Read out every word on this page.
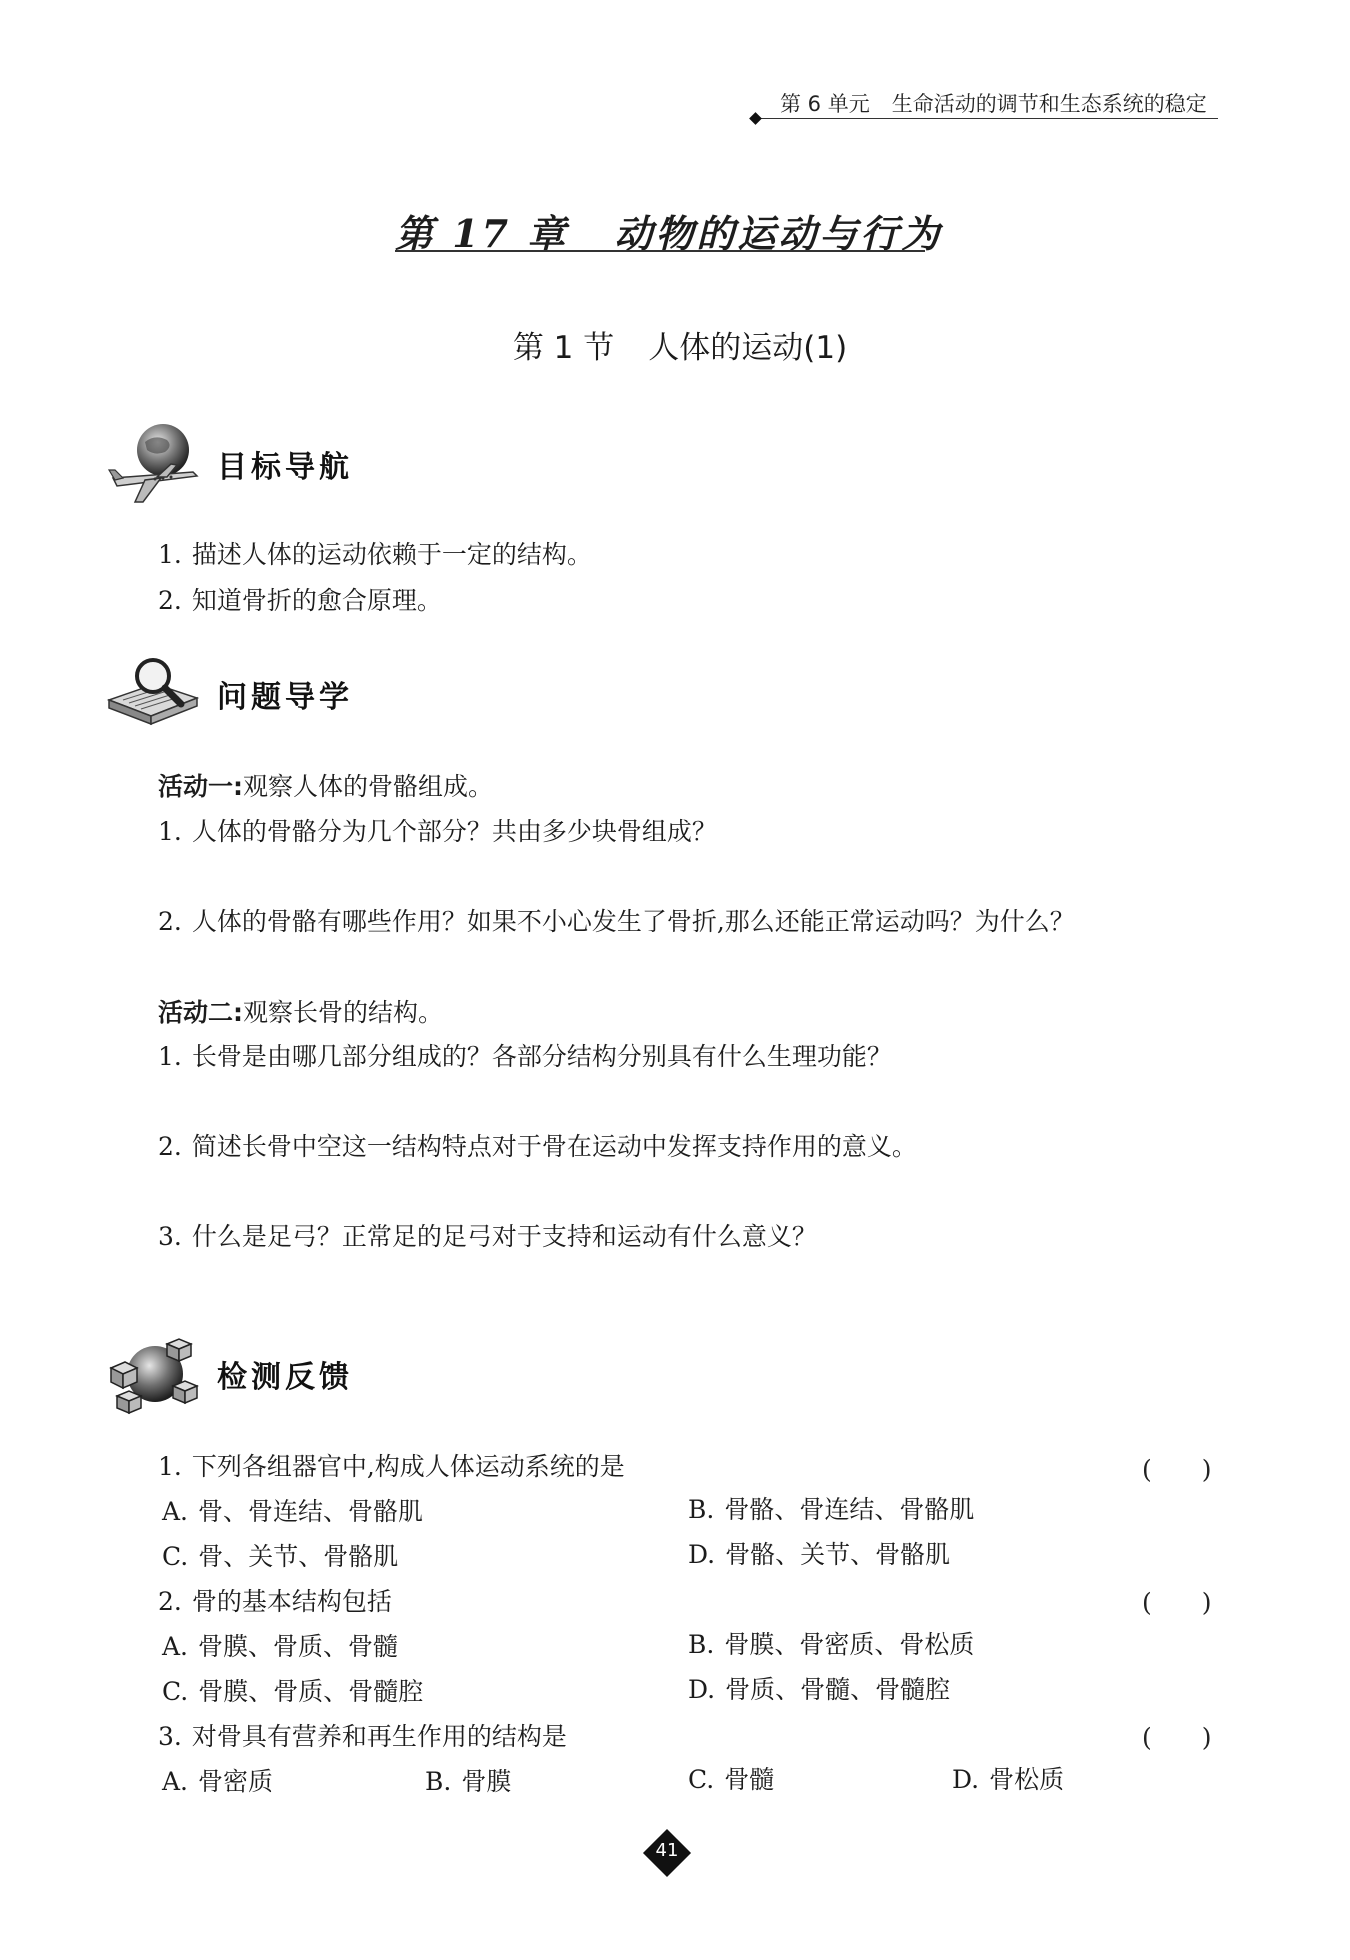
第 6 单元 生命活动的调节和生态系统的稳定
第 17 章 动物的运动与行为
第 1 节 人体的运动(1)
目标导航
1. 描述人体的运动依赖于一定的结构。
2. 知道骨折的愈合原理。
问题导学
活动一:观察人体的骨骼组成。
1. 人体的骨骼分为几个部分？共由多少块骨组成？
2. 人体的骨骼有哪些作用？如果不小心发生了骨折,那么还能正常运动吗？为什么？
活动二:观察长骨的结构。
1. 长骨是由哪几部分组成的？各部分结构分别具有什么生理功能？
2. 简述长骨中空这一结构特点对于骨在运动中发挥支持作用的意义。
3. 什么是足弓？正常足的足弓对于支持和运动有什么意义？
检测反馈
1. 下列各组器官中,构成人体运动系统的是	(　　)
A. 骨、骨连结、骨骼肌	B. 骨骼、骨连结、骨骼肌
C. 骨、关节、骨骼肌	D. 骨骼、关节、骨骼肌
2. 骨的基本结构包括	(　　)
A. 骨膜、骨质、骨髓	B. 骨膜、骨密质、骨松质
C. 骨膜、骨质、骨髓腔	D. 骨质、骨髓、骨髓腔
3. 对骨具有营养和再生作用的结构是	(　　)
A. 骨密质	B. 骨膜	C. 骨髓	D. 骨松质
41
